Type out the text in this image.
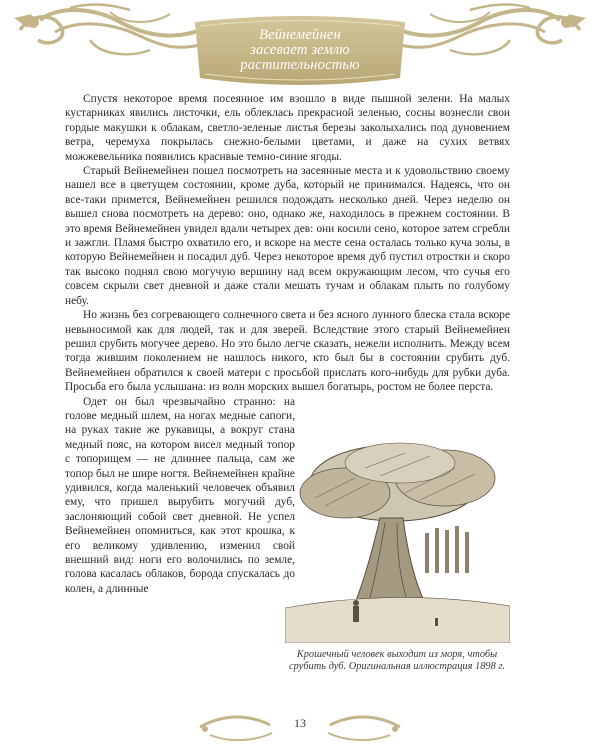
Вейнемейнен
засевает землю
растительностью

Спустя некоторое время посеянное им взошло в виде пышной зелени. На малых кустарниках явились листочки, ель облеклась прекрасной зеленью, сосны вознесли свои гордые макушки к облакам, светло-зеленые листья березы заколыхались под дуновением ветра, черемуха покрылась снежно-белыми цветами, и даже на сухих ветвях можжевельника появились красивые темно-синие ягоды.

Старый Вейнемейнен пошел посмотреть на засеянные места и к удовольствию своему нашел все в цветущем состоянии, кроме дуба, который не принимался. Надеясь, что он все-таки примется, Вейнемейнен решился подождать несколько дней. Через неделю он вышел снова посмотреть на дерево: оно, однако же, находилось в прежнем состоянии. В это время Вейнемейнен увидел вдали четырех дев: они косили сено, которое затем сгребли и зажгли. Пламя быстро охватило его, и вскоре на месте сена осталась только куча золы, в которую Вейнемейнен и посадил дуб. Через некоторое время дуб пустил отростки и скоро так высоко поднял свою могучую вершину над всем окружающим лесом, что сучья его совсем скрыли свет дневной и даже стали мешать тучам и облакам плыть по голубому небу.

Но жизнь без согревающего солнечного света и без ясного лунного блеска стала вскоре невыносимой как для людей, так и для зверей. Вследствие этого старый Вейнемейнен решил срубить могучее дерево. Но это было легче сказать, нежели исполнить. Между всем тогда жившим поколением не нашлось никого, кто был бы в состоянии срубить дуб. Вейнемейнен обратился к своей матери с просьбой прислать кого-нибудь для рубки дуба. Просьба его была услышана: из волн морских вышел богатырь, ростом не более перста.

Одет он был чрезвычайно странно: на голове медный шлем, на ногах медные сапоги, на руках такие же рукавицы, а вокруг стана медный пояс, на котором висел медный топор с топорищем — не длиннее пальца, сам же топор был не шире ногтя. Вейнемейнен крайне удивился, когда маленький человечек объявил ему, что пришел вырубить могучий дуб, заслоняющий собой свет дневной. Не успел Вейнемейнен опомниться, как этот крошка, к его великому удивлению, изменил свой внешний вид: ноги его волочились по земле, голова касалась облаков, борода спускалась до колен, а длинные

Крошечный человек выходит из моря, чтобы срубить дуб. Оригинальная иллюстрация 1898 г.
13
